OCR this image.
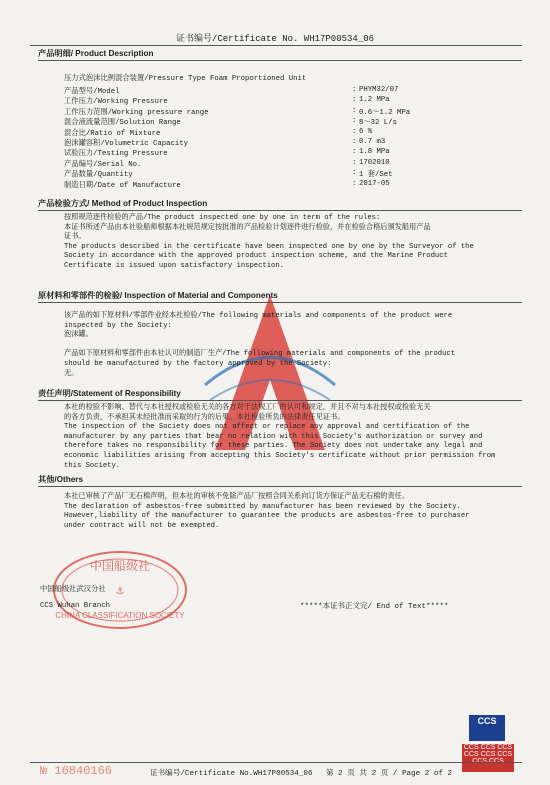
证书编号/Certificate No. WH17P00534_06
产品明细/ Product Description
压力式泡沫比例混合装置/Pressure Type Foam Proportioned Unit
产品型号/Model	: PHYM32/07
工作压力/Working Pressure	: 1.2 MPa
工作压力范围/Working pressure range	: 0.6～1.2 MPa
混合液流量范围/Solution Range	: 8～32 L/s
混合比/Ratio of Mixture	: 6 %
泡沫罐容积/Volumetric Capacity	: 0.7 m3
试验压力/Testing Pressure	: 1.8 MPa
产品编号/Serial No.	: 1702010
产品数量/Quantity	: 1 套/Set
制造日期/Date of Manufacture	: 2017-05
产品检验方式/ Method of Product Inspection
按照规范逐件检验的产品/The product inspected one by one in term of the rules:
本证书所述产品由本社验船师根据本社规范规定按批准的产品检验计划逐件进行检验，并在检验合格后颁发船用产品
证书。
The products described in the certificate have been inspected one by one by the Surveyor of the
Society in accordance with the approved product inspection scheme, and the Marine Product
Certificate is issued upon satisfactory inspection.
原材料和零部件的检验/ Inspection of Material and Components
该产品的如下原材料/零部件业经本社检验/The following materials and components of the product were
inspected by the Society:
泡沫罐。
产品如下原材料和零部件由本社认可的制造厂生产/The following materials and components of the product
should be manufactured by the factory approved by the Society:
无。
责任声明/Statement of Responsibility
本社的检验不影响、替代与本社授权或检验无关的各方对于法规工厂的认可和规定，并且不对与本社授权或检验无关
的各方负责，不承担其未经批准而采取的行为的后果。本社检验所负的法律责任见证书。
The inspection of the Society does not affect or replace any approval and certification of the
manufacturer by any parties that bear no relation with this Society's authorization or survey and
therefore takes no responsibility for these parties. The Society does not undertake any legal and
economic liabilities arising from accepting this Society's certificate without prior permission from
this Society.
其他/Others
本社已审核了产品厂无石棉声明，但本社的审核不免除产品厂按照合同关系向订货方保证产品无石棉的责任。
The declaration of asbestos-free submitted by manufacturer has been reviewed by the Society.
However,liability of the manufacturer to guarantee the products are asbestos-free to purchaser
under contract will not be exempted.
中国船级社
CHINA CLASSIFICATION SOCIETY
⚓
中国船级社武汉分社
CCS Wuhan Branch	*****本证书正文完/ End of Text*****
CCS
CCS CCS CCS CCS CCS CCS CCS CCS
№ 16840166	证书编号/Certificate No.WH17P00534_06 第 2 页 共 2 页 / Page 2 of 2
